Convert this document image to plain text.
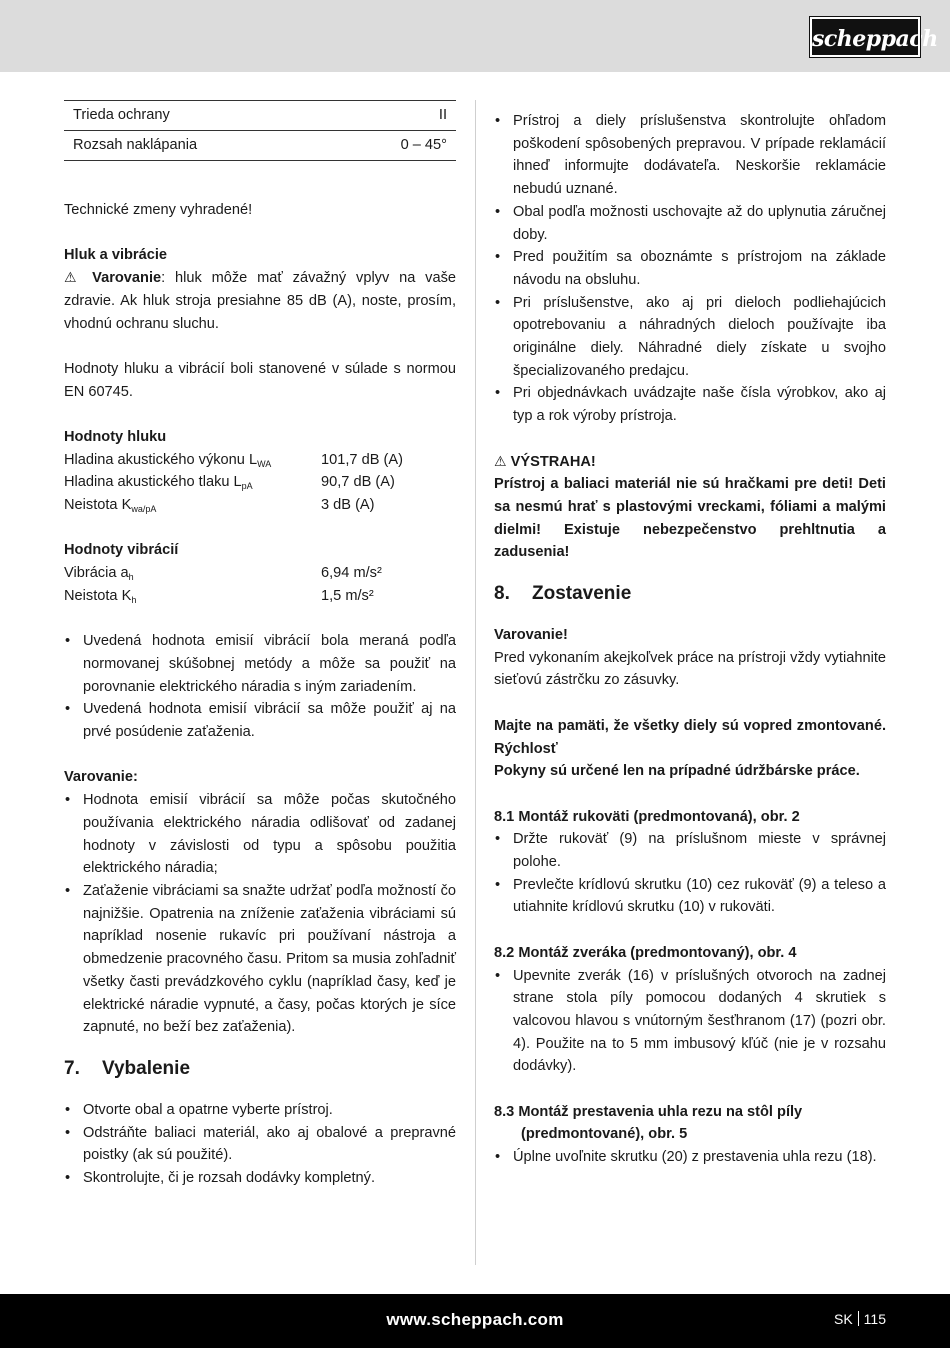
scheppach
Trieda ochrany	II
Rozsah naklápania	0 – 45°

Technické zmeny vyhradené!

Hluk a vibrácie

⚠ Varovanie: hluk môže mať závažný vplyv na vaše zdravie. Ak hluk stroja presiahne 85 dB (A), noste, prosím, vhodnú ochranu sluchu.

Hodnoty hluku a vibrácií boli stanovené v súlade s normou EN 60745.

Hodnoty hluku

Hladina akustického výkonu $L_{WA}$	101,7 dB (A)
Hladina akustického tlaku $L_{pA}$	90,7 dB (A)
Neistota $K_{wa/pA}$	3 dB (A)

Hodnoty vibrácií

Vibrácia $a_h$	6,94 m/s²
Neistota $K_h$	1,5 m/s²
• Uvedená hodnota emisií vibrácií bola meraná podľa normovanej skúšobnej metódy a môže sa použiť na porovnanie elektrického náradia s iným zariadením.
• Uvedená hodnota emisií vibrácií sa môže použiť aj na prvé posúdenie zaťaženia.

Varovanie:

• Hodnota emisií vibrácií sa môže počas skutočného používania elektrického náradia odlišovať od zadanej hodnoty v závislosti od typu a spôsobu použitia elektrického náradia;
• Zaťaženie vibráciami sa snažte udržať podľa možností čo najnižšie. Opatrenia na zníženie zaťaženia vibráciami sú napríklad nosenie rukavíc pri používaní nástroja a obmedzenie pracovného času. Pritom sa musia zohľadniť všetky časti prevádzkového cyklu (napríklad časy, keď je elektrické náradie vypnuté, a časy, počas ktorých je síce zapnuté, no beží bez zaťaženia).
7.	Vybalenie
• Otvorte obal a opatrne vyberte prístroj.
• Odstráňte baliaci materiál, ako aj obalové a prepravné poistky (ak sú použité).
• Skontrolujte, či je rozsah dodávky kompletný.
• Prístroj a diely príslušenstva skontrolujte ohľadom poškodení spôsobených prepravou. V prípade reklamácií ihneď informujte dodávateľa. Neskoršie reklamácie nebudú uznané.
• Obal podľa možnosti uschovajte až do uplynutia záručnej doby.
• Pred použitím sa oboznámte s prístrojom na základe návodu na obsluhu.
• Pri príslušenstve, ako aj pri dieloch podliehajúcich opotrebovaniu a náhradných dieloch používajte iba originálne diely. Náhradné diely získate u svojho špecializovaného predajcu.
• Pri objednávkach uvádzajte naše čísla výrobkov, ako aj typ a rok výroby prístroja.

⚠ VÝSTRAHA!

Prístroj a baliaci materiál nie sú hračkami pre deti! Deti sa nesmú hrať s plastovými vreckami, fóliami a malými dielmi! Existuje nebezpečenstvo prehltnutia a zadusenia!

8.	Zostavenie

Varovanie!

Pred vykonaním akejkoľvek práce na prístroji vždy vytiahnite sieťovú zástrčku zo zásuvky.

Majte na pamäti, že všetky diely sú vopred zmontované. Rýchlosť

Pokyny sú určené len na prípadné údržbárske práce.

8.1 Montáž rukoväti (predmontovaná), obr. 2

• Držte rukoväť (9) na príslušnom mieste v správnej polohe.
• Prevlečte krídlovú skrutku (10) cez rukoväť (9) a teleso a utiahnite krídlovú skrutku (10) v rukoväti.

8.2 Montáž zveráka (predmontovaný), obr. 4

• Upevnite zverák (16) v príslušných otvoroch na zadnej strane stola píly pomocou dodaných 4 skrutiek s valcovou hlavou s vnútorným šesťhranom (17) (pozri obr. 4). Použite na to 5 mm imbusový kľúč (nie je v rozsahu dodávky).

8.3 Montáž prestavenia uhla rezu na stôl píly (predmontované), obr. 5

• Úplne uvoľnite skrutku (20) z prestavenia uhla rezu (18).
www.scheppach.com	SK 115
